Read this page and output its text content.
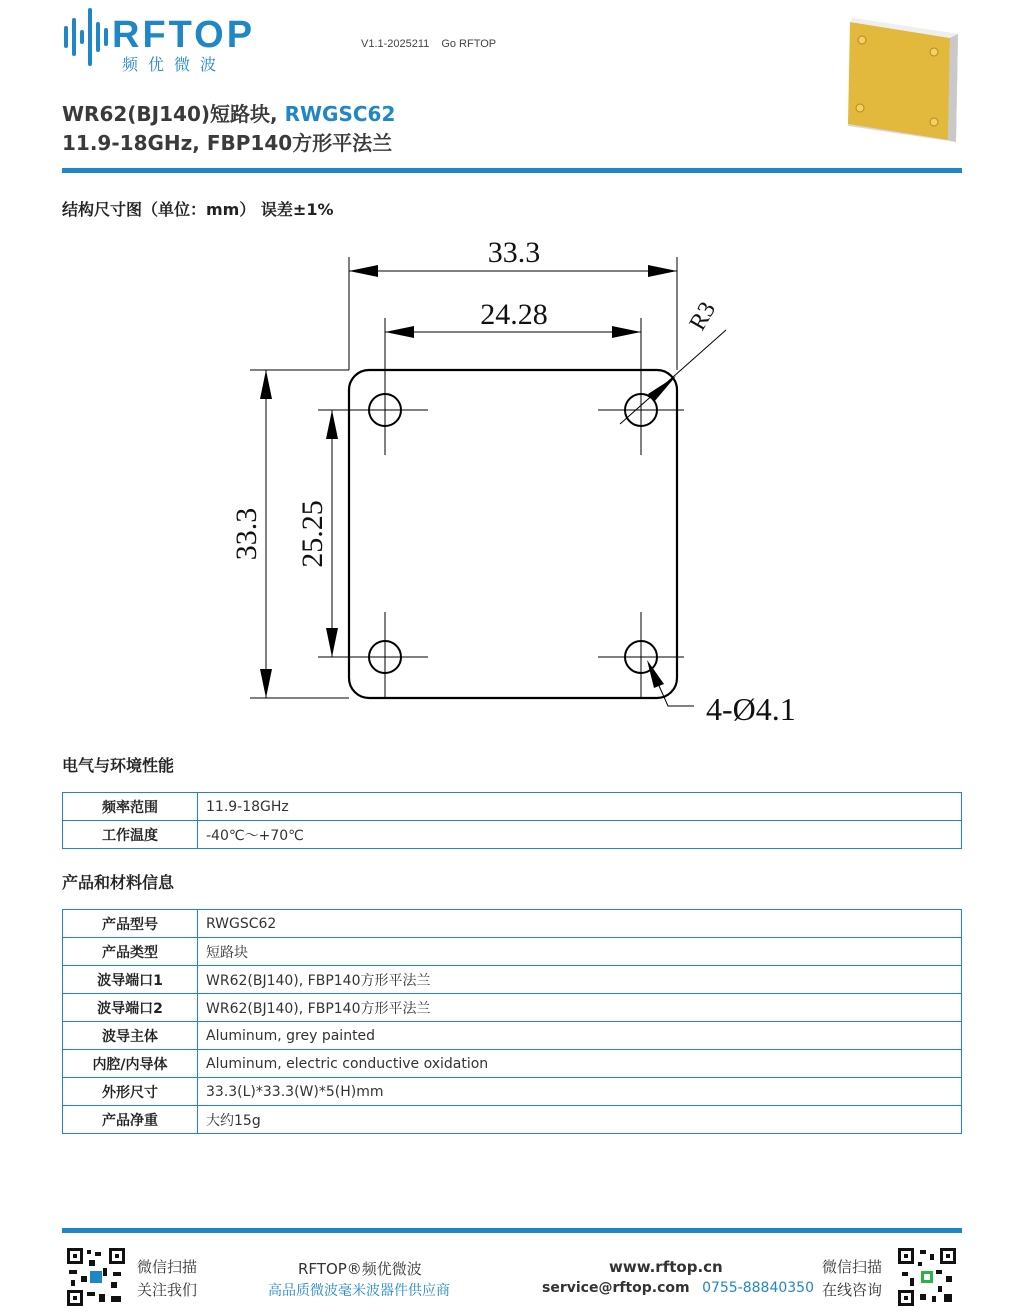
RFTOP
频优微波
V1.1-2025211 Go RFTOP
WR62(BJ140)短路块, RWGSC62
11.9-18GHz, FBP140方形平法兰
结构尺寸图（单位：mm） 误差±1%
33.3
24.28	R3
33.3 25.25
4-Ø4.1
电气与环境性能
频率范围	11.9-18GHz
工作温度	-40℃～+70℃
产品和材料信息
产品型号	RWGSC62
产品类型	短路块
波导端口1	WR62(BJ140), FBP140方形平法兰
波导端口2	WR62(BJ140), FBP140方形平法兰
波导主体	Aluminum, grey painted
内腔/内导体	Aluminum, electric conductive oxidation
外形尺寸	33.3(L)*33.3(W)*5(H)mm
产品净重	大约15g
微信扫描
关注我们
RFTOP®频优微波
高品质微波毫米波器件供应商
www.rftop.cn
service@rftop.com 0755-88840350
微信扫描
在线咨询
